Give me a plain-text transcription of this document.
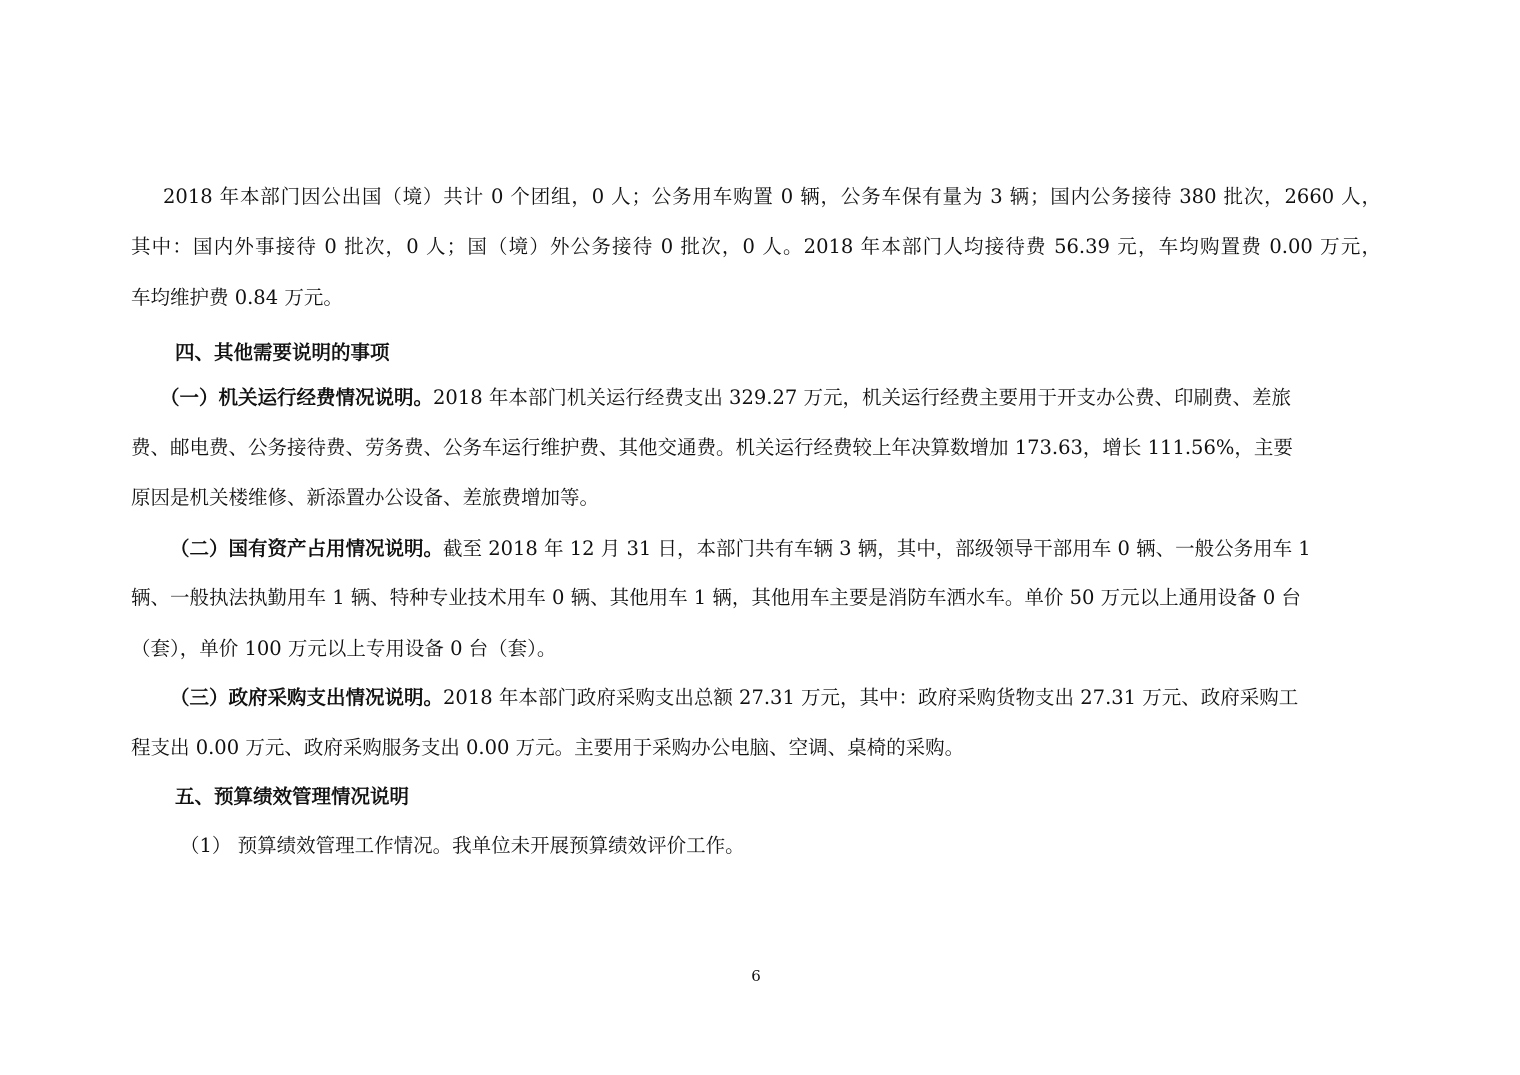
2018 年本部门因公出国（境）共计 0 个团组，0 人；公务用车购置 0 辆，公务车保有量为 3 辆；国内公务接待 380 批次，2660 人，
其中：国内外事接待 0 批次，0 人；国（境）外公务接待 0 批次，0 人。2018 年本部门人均接待费 56.39 元，车均购置费 0.00 万元，
车均维护费 0.84 万元。
四、其他需要说明的事项
（一）机关运行经费情况说明。2018 年本部门机关运行经费支出 329.27 万元，机关运行经费主要用于开支办公费、印刷费、差旅
费、邮电费、公务接待费、劳务费、公务车运行维护费、其他交通费。机关运行经费较上年决算数增加 173.63，增长 111.56%，主要
原因是机关楼维修、新添置办公设备、差旅费增加等。
（二）国有资产占用情况说明。截至 2018 年 12 月 31 日，本部门共有车辆 3 辆，其中，部级领导干部用车 0 辆、一般公务用车 1
辆、一般执法执勤用车 1 辆、特种专业技术用车 0 辆、其他用车 1 辆，其他用车主要是消防车洒水车。单价 50 万元以上通用设备 0 台
（套），单价 100 万元以上专用设备 0 台（套）。
（三）政府采购支出情况说明。2018 年本部门政府采购支出总额 27.31 万元，其中：政府采购货物支出 27.31 万元、政府采购工
程支出 0.00 万元、政府采购服务支出 0.00 万元。主要用于采购办公电脑、空调、桌椅的采购。
五、预算绩效管理情况说明
（1） 预算绩效管理工作情况。我单位未开展预算绩效评价工作。
6
